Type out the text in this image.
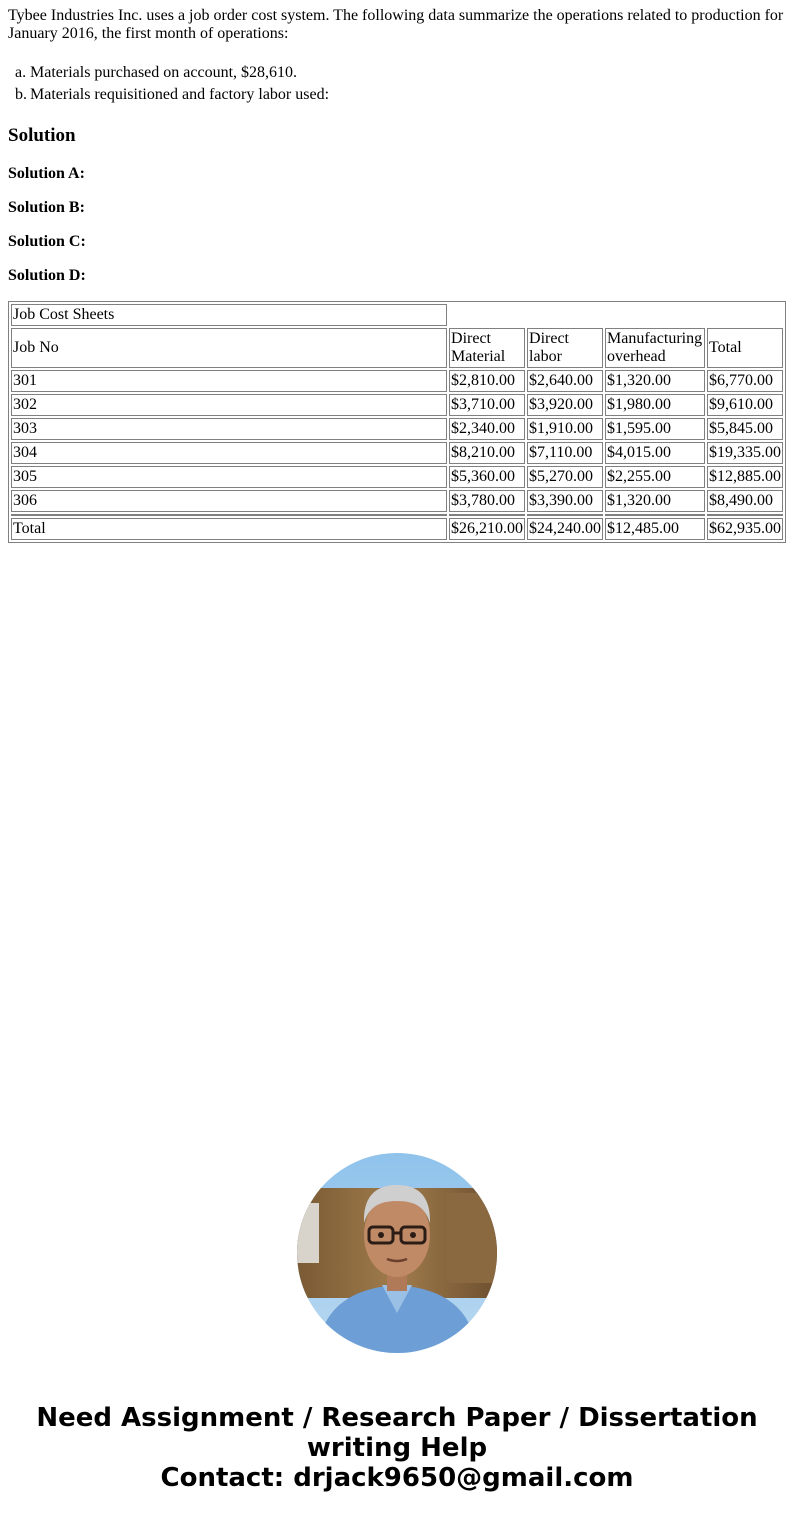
Tybee Industries Inc. uses a job order cost system. The following data summarize the operations related to production for January 2016, the first month of operations:

a. Materials purchased on account, $28,610.
b. Materials requisitioned and factory labor used:
Solution
Solution A:
Solution B:
Solution C:
Solution D:
Job Cost Sheets				
Job No	Direct Material	Direct labor	Manufacturing overhead	Total
301	$2,810.00	$2,640.00	$1,320.00	$6,770.00
302	$3,710.00	$3,920.00	$1,980.00	$9,610.00
303	$2,340.00	$1,910.00	$1,595.00	$5,845.00
304	$8,210.00	$7,110.00	$4,015.00	$19,335.00
305	$5,360.00	$5,270.00	$2,255.00	$12,885.00
306	$3,780.00	$3,390.00	$1,320.00	$8,490.00

Total	$26,210.00	$24,240.00	$12,485.00	$62,935.00

Need Assignment / Research Paper / Dissertation
writing Help
Contact: drjack9650@gmail.com
